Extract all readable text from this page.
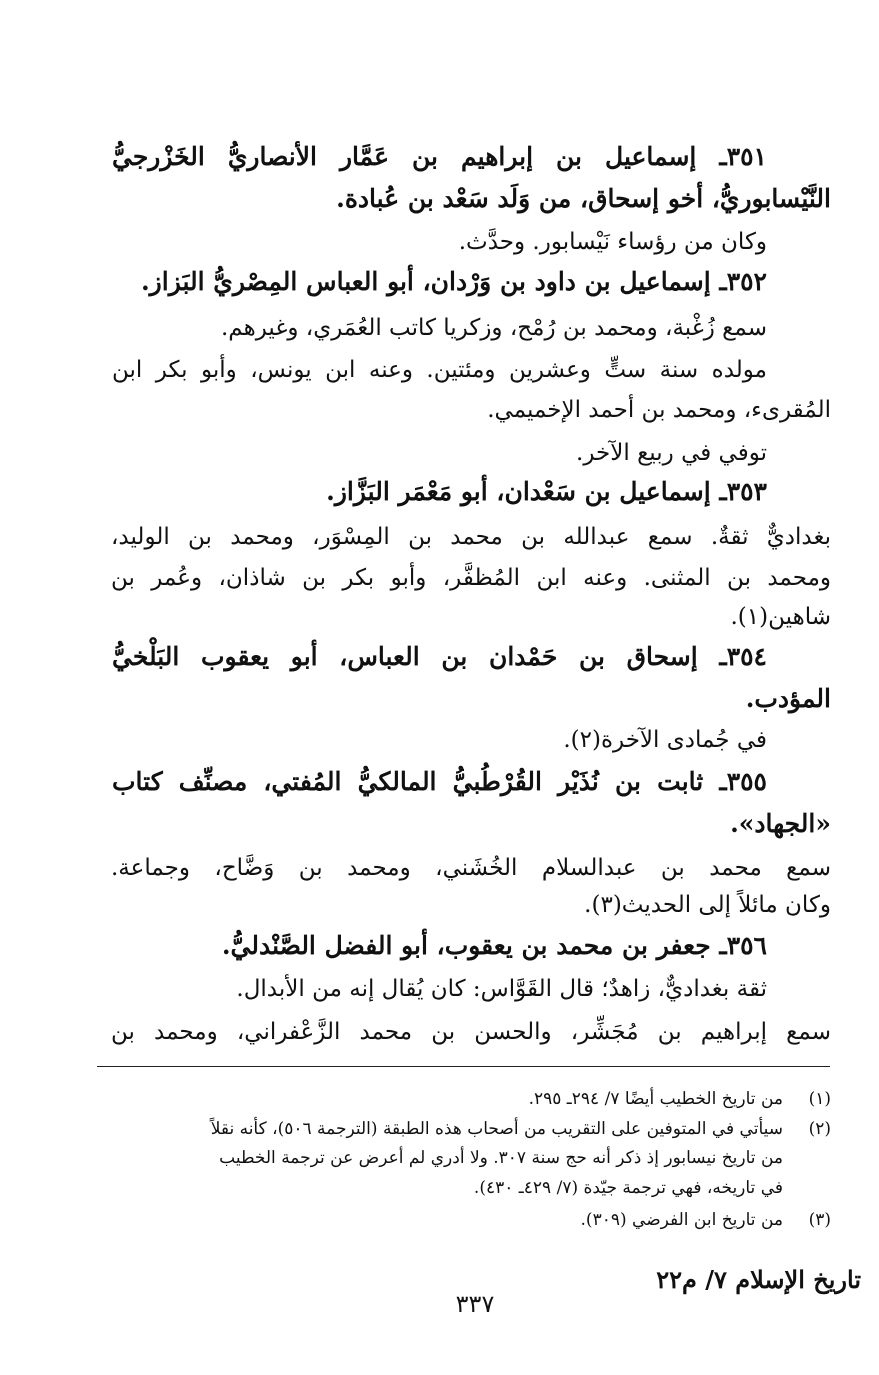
٣٥١ـ إسماعيل بن إبراهيم بن عَمَّار الأنصاريُّ الخَزْرجيُّ
النَّيْسابوريُّ، أخو إسحاق، من وَلَد سَعْد بن عُبادة.
وكان من رؤساء نَيْسابور. وحدَّث.
٣٥٢ـ إسماعيل بن داود بن وَرْدان، أبو العباس المِصْريُّ البَزاز.
سمع زُغْبة، ومحمد بن رُمْح، وزكريا كاتب العُمَري، وغيرهم.
مولده سنة ستٍّ وعشرين ومئتين. وعنه ابن يونس، وأبو بكر ابن
المُقرىء، ومحمد بن أحمد الإخميمي.
توفي في ربيع الآخر.
٣٥٣ـ إسماعيل بن سَعْدان، أبو مَعْمَر البَزَّاز.
بغداديٌّ ثقةٌ. سمع عبدالله بن محمد بن المِسْوَر، ومحمد بن الوليد،
ومحمد بن المثنى. وعنه ابن المُظفَّر، وأبو بكر بن شاذان، وعُمر بن
شاهين(١).
٣٥٤ـ إسحاق بن حَمْدان بن العباس، أبو يعقوب البَلْخيُّ
المؤدب.
في جُمادى الآخرة(٢).
٣٥٥ـ ثابت بن نُذَيْر القُرْطُبيُّ المالكيُّ المُفتي، مصنِّف كتاب
«الجهاد».
سمع محمد بن عبدالسلام الخُشَني، ومحمد بن وَضَّاح، وجماعة.
وكان مائلاً إلى الحديث(٣).
٣٥٦ـ جعفر بن محمد بن يعقوب، أبو الفضل الصَّنْدليُّ.
ثقة بغداديٌّ، زاهدٌ؛ قال القَوَّاس: كان يُقال إنه من الأبدال.
سمع إبراهيم بن مُجَشِّر، والحسن بن محمد الزَّعْفراني، ومحمد بن
(١)
من تاريخ الخطيب أيضًا ٧/ ٢٩٤ـ ٢٩٥.
(٢)
سيأتي في المتوفين على التقريب من أصحاب هذه الطبقة (الترجمة ٥٠٦)، كأنه نقلاً
من تاريخ نيسابور إذ ذكر أنه حج سنة ٣٠٧. ولا أدري لم أعرض عن ترجمة الخطيب
في تاريخه، فهي ترجمة جيّدة (٧/ ٤٢٩ـ ٤٣٠).
(٣)
من تاريخ ابن الفرضي (٣٠٩).
تاريخ الإسلام ٧/ م٢٢
٣٣٧
